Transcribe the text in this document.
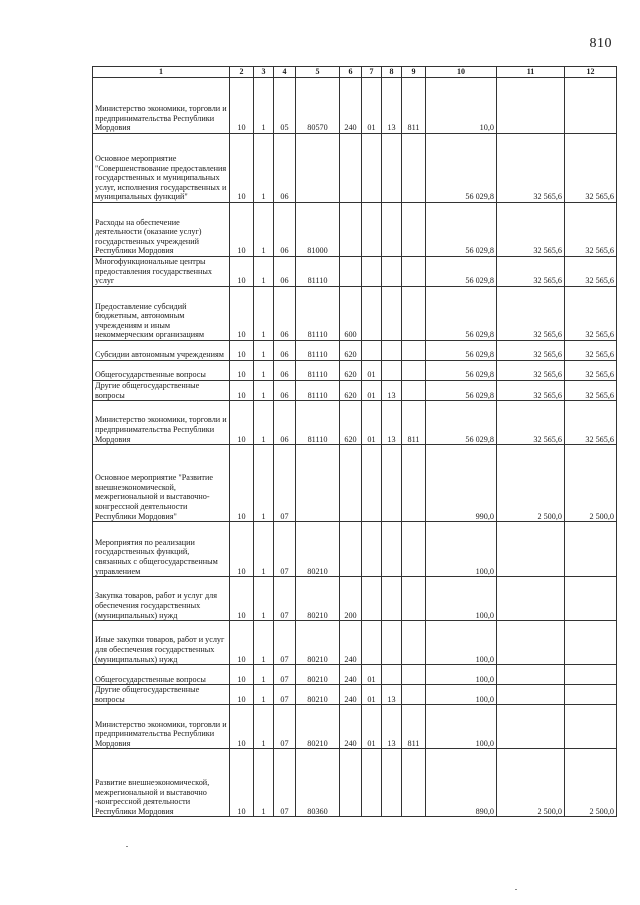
810
1	2	3	4	5	6	7	8	9	10	11	12
Министерство экономики, торговли и предпринимательства Республики Мордовия	10	1	05	80570	240	01	13	811	10,0		
Основное мероприятие "Совершенствование предоставления государственных и муниципальных услуг, исполнения государственных и муниципальных функций"	10	1	06						56 029,8	32 565,6	32 565,6
Расходы на обеспечение деятельности (оказание услуг) государственных учреждений Республики Мордовия	10	1	06	81000					56 029,8	32 565,6	32 565,6
Многофункциональные центры предоставления государственных услуг	10	1	06	81110					56 029,8	32 565,6	32 565,6
Предоставление субсидий бюджетным, автономным учреждениям и иным некоммерческим организациям	10	1	06	81110	600				56 029,8	32 565,6	32 565,6
Субсидии автономным учреждениям	10	1	06	81110	620				56 029,8	32 565,6	32 565,6
Общегосударственные вопросы	10	1	06	81110	620	01			56 029,8	32 565,6	32 565,6
Другие общегосударственные вопросы	10	1	06	81110	620	01	13		56 029,8	32 565,6	32 565,6
Министерство экономики, торговли и предпринимательства Республики Мордовия	10	1	06	81110	620	01	13	811	56 029,8	32 565,6	32 565,6
Основное мероприятие "Развитие внешнеэкономической, межрегиональной и выставочно-конгрессной деятельности Республики Мордовия"	10	1	07						990,0	2 500,0	2 500,0
Мероприятия по реализации государственных функций, связанных с общегосударственным управлением	10	1	07	80210					100,0		
Закупка товаров, работ и услуг для обеспечения государственных (муниципальных) нужд	10	1	07	80210	200				100,0		
Иные закупки товаров, работ и услуг для обеспечения государственных (муниципальных) нужд	10	1	07	80210	240				100,0		
Общегосударственные вопросы	10	1	07	80210	240	01			100,0		
Другие общегосударственные вопросы	10	1	07	80210	240	01	13		100,0		
Министерство экономики, торговли и предпринимательства Республики Мордовия	10	1	07	80210	240	01	13	811	100,0		
Развитие внешнеэкономической, межрегиональной и выставочно -конгрессной деятельности Республики Мордовия	10	1	07	80360					890,0	2 500,0	2 500,0
